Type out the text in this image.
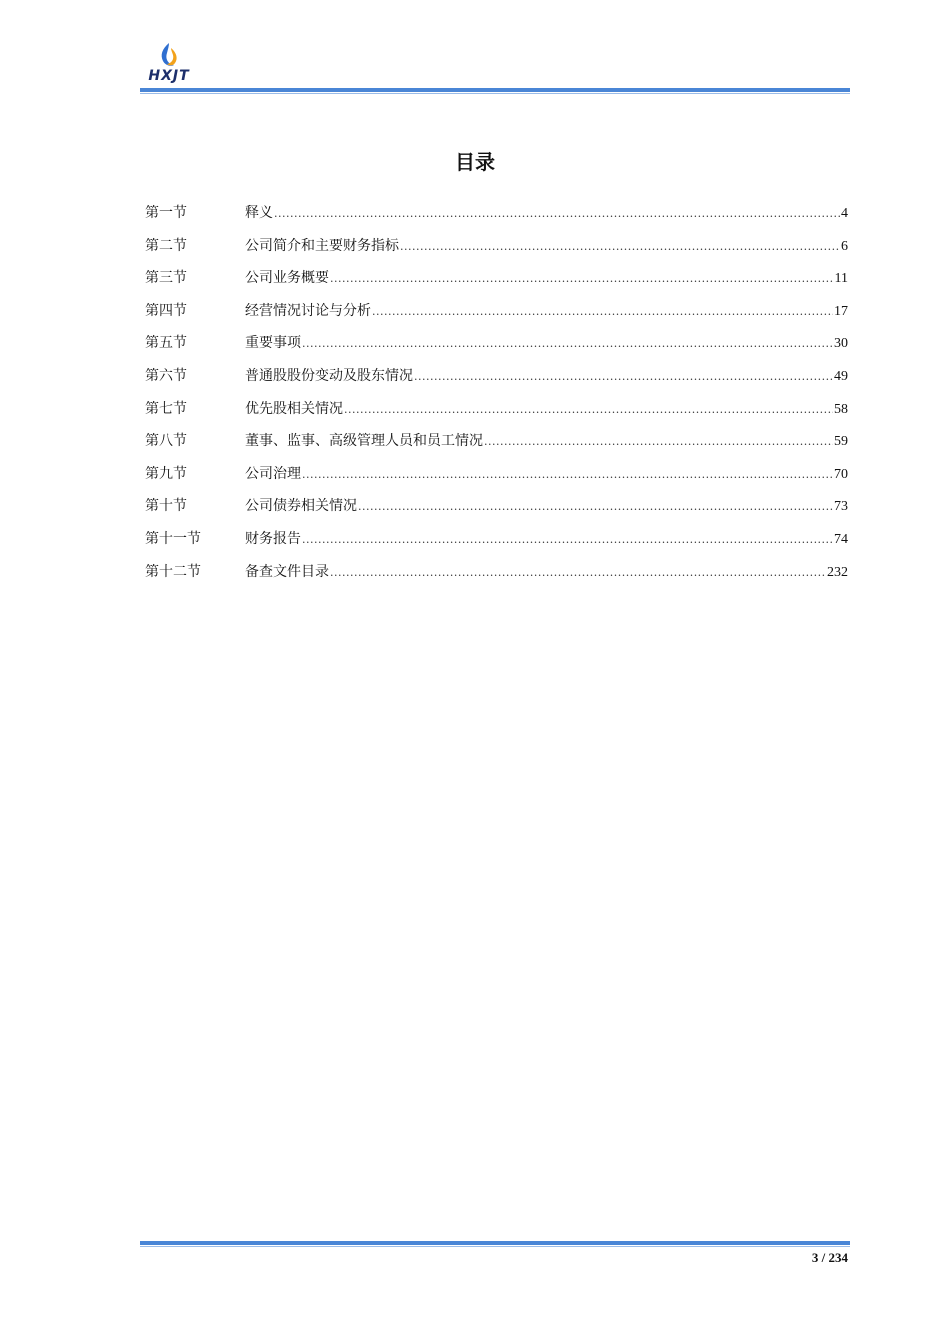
HXJT
目录
第一节	释义 .....	4
第二节	公司简介和主要财务指标 .....	6
第三节	公司业务概要 .....	11
第四节	经营情况讨论与分析 .....	17
第五节	重要事项 .....	30
第六节	普通股股份变动及股东情况 .....	49
第七节	优先股相关情况 .....	58
第八节	董事、监事、高级管理人员和员工情况 .....	59
第九节	公司治理 .....	70
第十节	公司债券相关情况 .....	73
第十一节	财务报告 .....	74
第十二节	备查文件目录 .....	232
3 / 234
